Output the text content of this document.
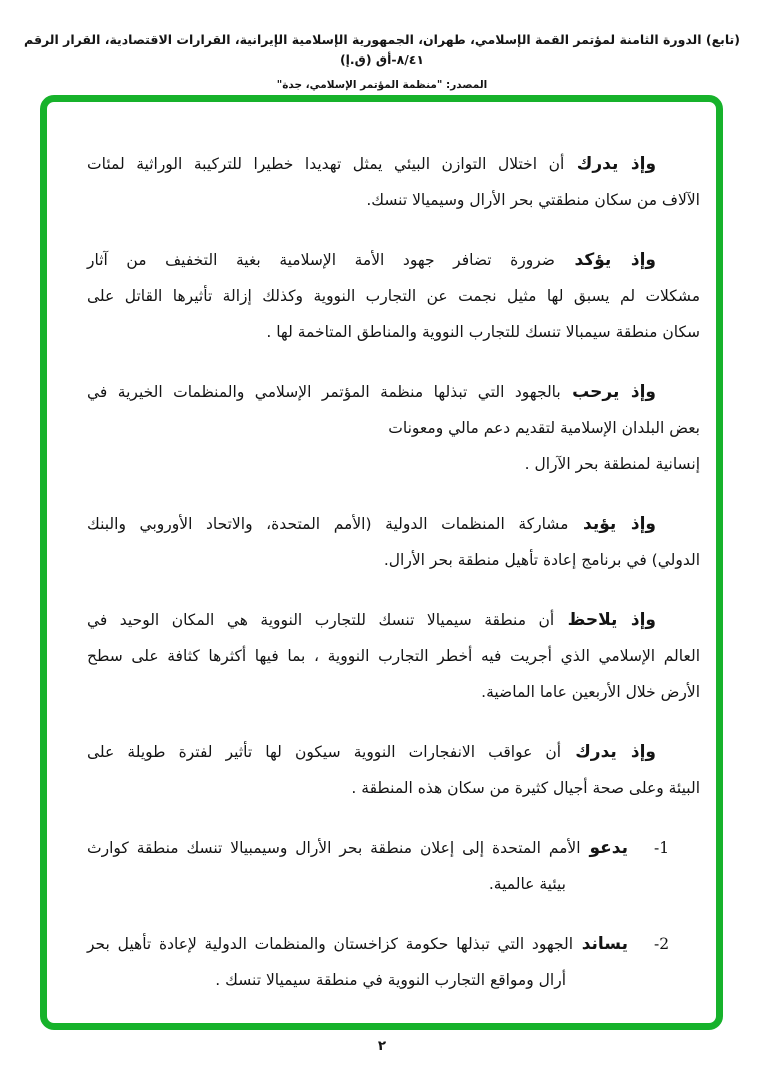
(تابع) الدورة الثامنة لمؤتمر القمة الإسلامي، طهران، الجمهورية الإسلامية الإيرانية، القرارات الاقتصادية، القرار الرقم ٨/٤١-أق (ق.إ)
المصدر: "منظمة المؤتمر الإسلامي، جدة"
وإذ يدرك أن اختلال التوازن البيئي يمثل تهديدا خطيرا للتركيبة الوراثية لمئات
الآلاف من سكان منطقتي بحر الأرال وسيميالا تنسك.
وإذ يؤكد ضرورة تضافر جهود الأمة الإسلامية بغية التخفيف من آثار
مشكلات لم يسبق لها مثيل نجمت عن التجارب النووية وكذلك إزالة تأثيرها القاتل على
سكان منطقة سيمبالا تنسك للتجارب النووية والمناطق المتاخمة لها .
وإذ يرحب بالجهود التي تبذلها منظمة المؤتمر الإسلامي والمنظمات الخيرية في
بعض البلدان الإسلامية لتقديم دعم مالي ومعونات
إنسانية لمنطقة بحر الآرال .
وإذ يؤيد مشاركة المنظمات الدولية (الأمم المتحدة، والاتحاد الأوروبي والبنك
الدولي) في برنامج إعادة تأهيل منطقة بحر الأرال.
وإذ يلاحظ أن منطقة سيميالا تنسك للتجارب النووية هي المكان الوحيد في
العالم الإسلامي الذي أجريت فيه أخطر التجارب النووية ، بما فيها أكثرها كثافة على سطح
الأرض خلال الأربعين عاما الماضية.
وإذ يدرك أن عواقب الانفجارات النووية سيكون لها تأثير لفترة طويلة على
البيئة وعلى صحة أجيال كثيرة من سكان هذه المنطقة .
-1
يدعو الأمم المتحدة إلى إعلان منطقة بحر الأرال وسيمبيالا تنسك منطقة كوارث
بيئية عالمية.
-2
يساند الجهود التي تبذلها حكومة كزاخستان والمنظمات الدولية لإعادة تأهيل بحر
أرال ومواقع التجارب النووية في منطقة سيميالا تنسك .
٢
